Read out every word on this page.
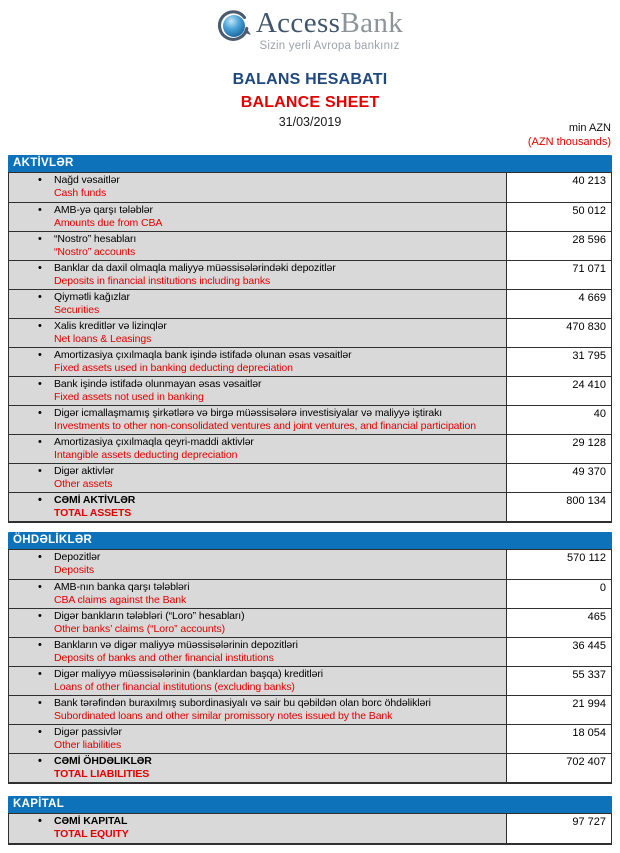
AccessBank
Sizin yerli Avropa bankınız
BALANS HESABATI
BALANCE SHEET
31/03/2019	min AZN
(AZN thousands)
AKTİVLƏR
• Nağd vəsaitlər
Cash funds
40 213
• AMB-yə qarşı tələblər
Amounts due from CBA
50 012
• “Nostro” hesabları
“Nostro” accounts
28 596
• Banklar da daxil olmaqla maliyyə müəssisələrindəki depozitlər
Deposits in financial institutions including banks
71 071
• Qiymətli kağızlar
Securities
4 669
• Xalis kreditlər və lizinqlər
Net loans & Leasings
470 830
• Amortizasiya çıxılmaqla bank işində istifadə olunan əsas vəsaitlər
Fixed assets used in banking deducting depreciation
31 795
• Bank işində istifadə olunmayan əsas vəsaitlər
Fixed assets not used in banking
24 410
• Digər icmallaşmamış şirkətlərə və birgə müəssisələrə investisiyalar və maliyyə iştirakı
Investments to other non-consolidated ventures and joint ventures, and financial participation
40
• Amortizasiya çıxılmaqla qeyri-maddi aktivlər
Intangible assets deducting depreciation
29 128
• Digər aktivlər
Other assets
49 370
• CƏMİ AKTİVLƏR
TOTAL ASSETS
800 134
ÖHDƏLİKLƏR
• Depozitlər
Deposits
570 112
• AMB-nın banka qarşı tələbləri
CBA claims against the Bank
0
• Digər bankların tələbləri (“Loro” hesabları)
Other banks’ claims (“Loro” accounts)
465
• Bankların və digər maliyyə müəssisələrinin depozitləri
Deposits of banks and other financial institutions
36 445
• Digər maliyyə müəssisələrinin (banklardan başqa) kreditləri
Loans of other financial institutions (excluding banks)
55 337
• Bank tərəfindən buraxılmış subordinasiyalı və sair bu qəbildən olan borc öhdəlikləri
Subordinated loans and other similar promissory notes issued by the Bank
21 994
• Digər passivlər
Other liabilities
18 054
• CƏMİ ÖHDƏLIKLƏR
TOTAL LIABILITIES
702 407
KAPİTAL
• CƏMİ KAPITAL
TOTAL EQUITY
97 727
